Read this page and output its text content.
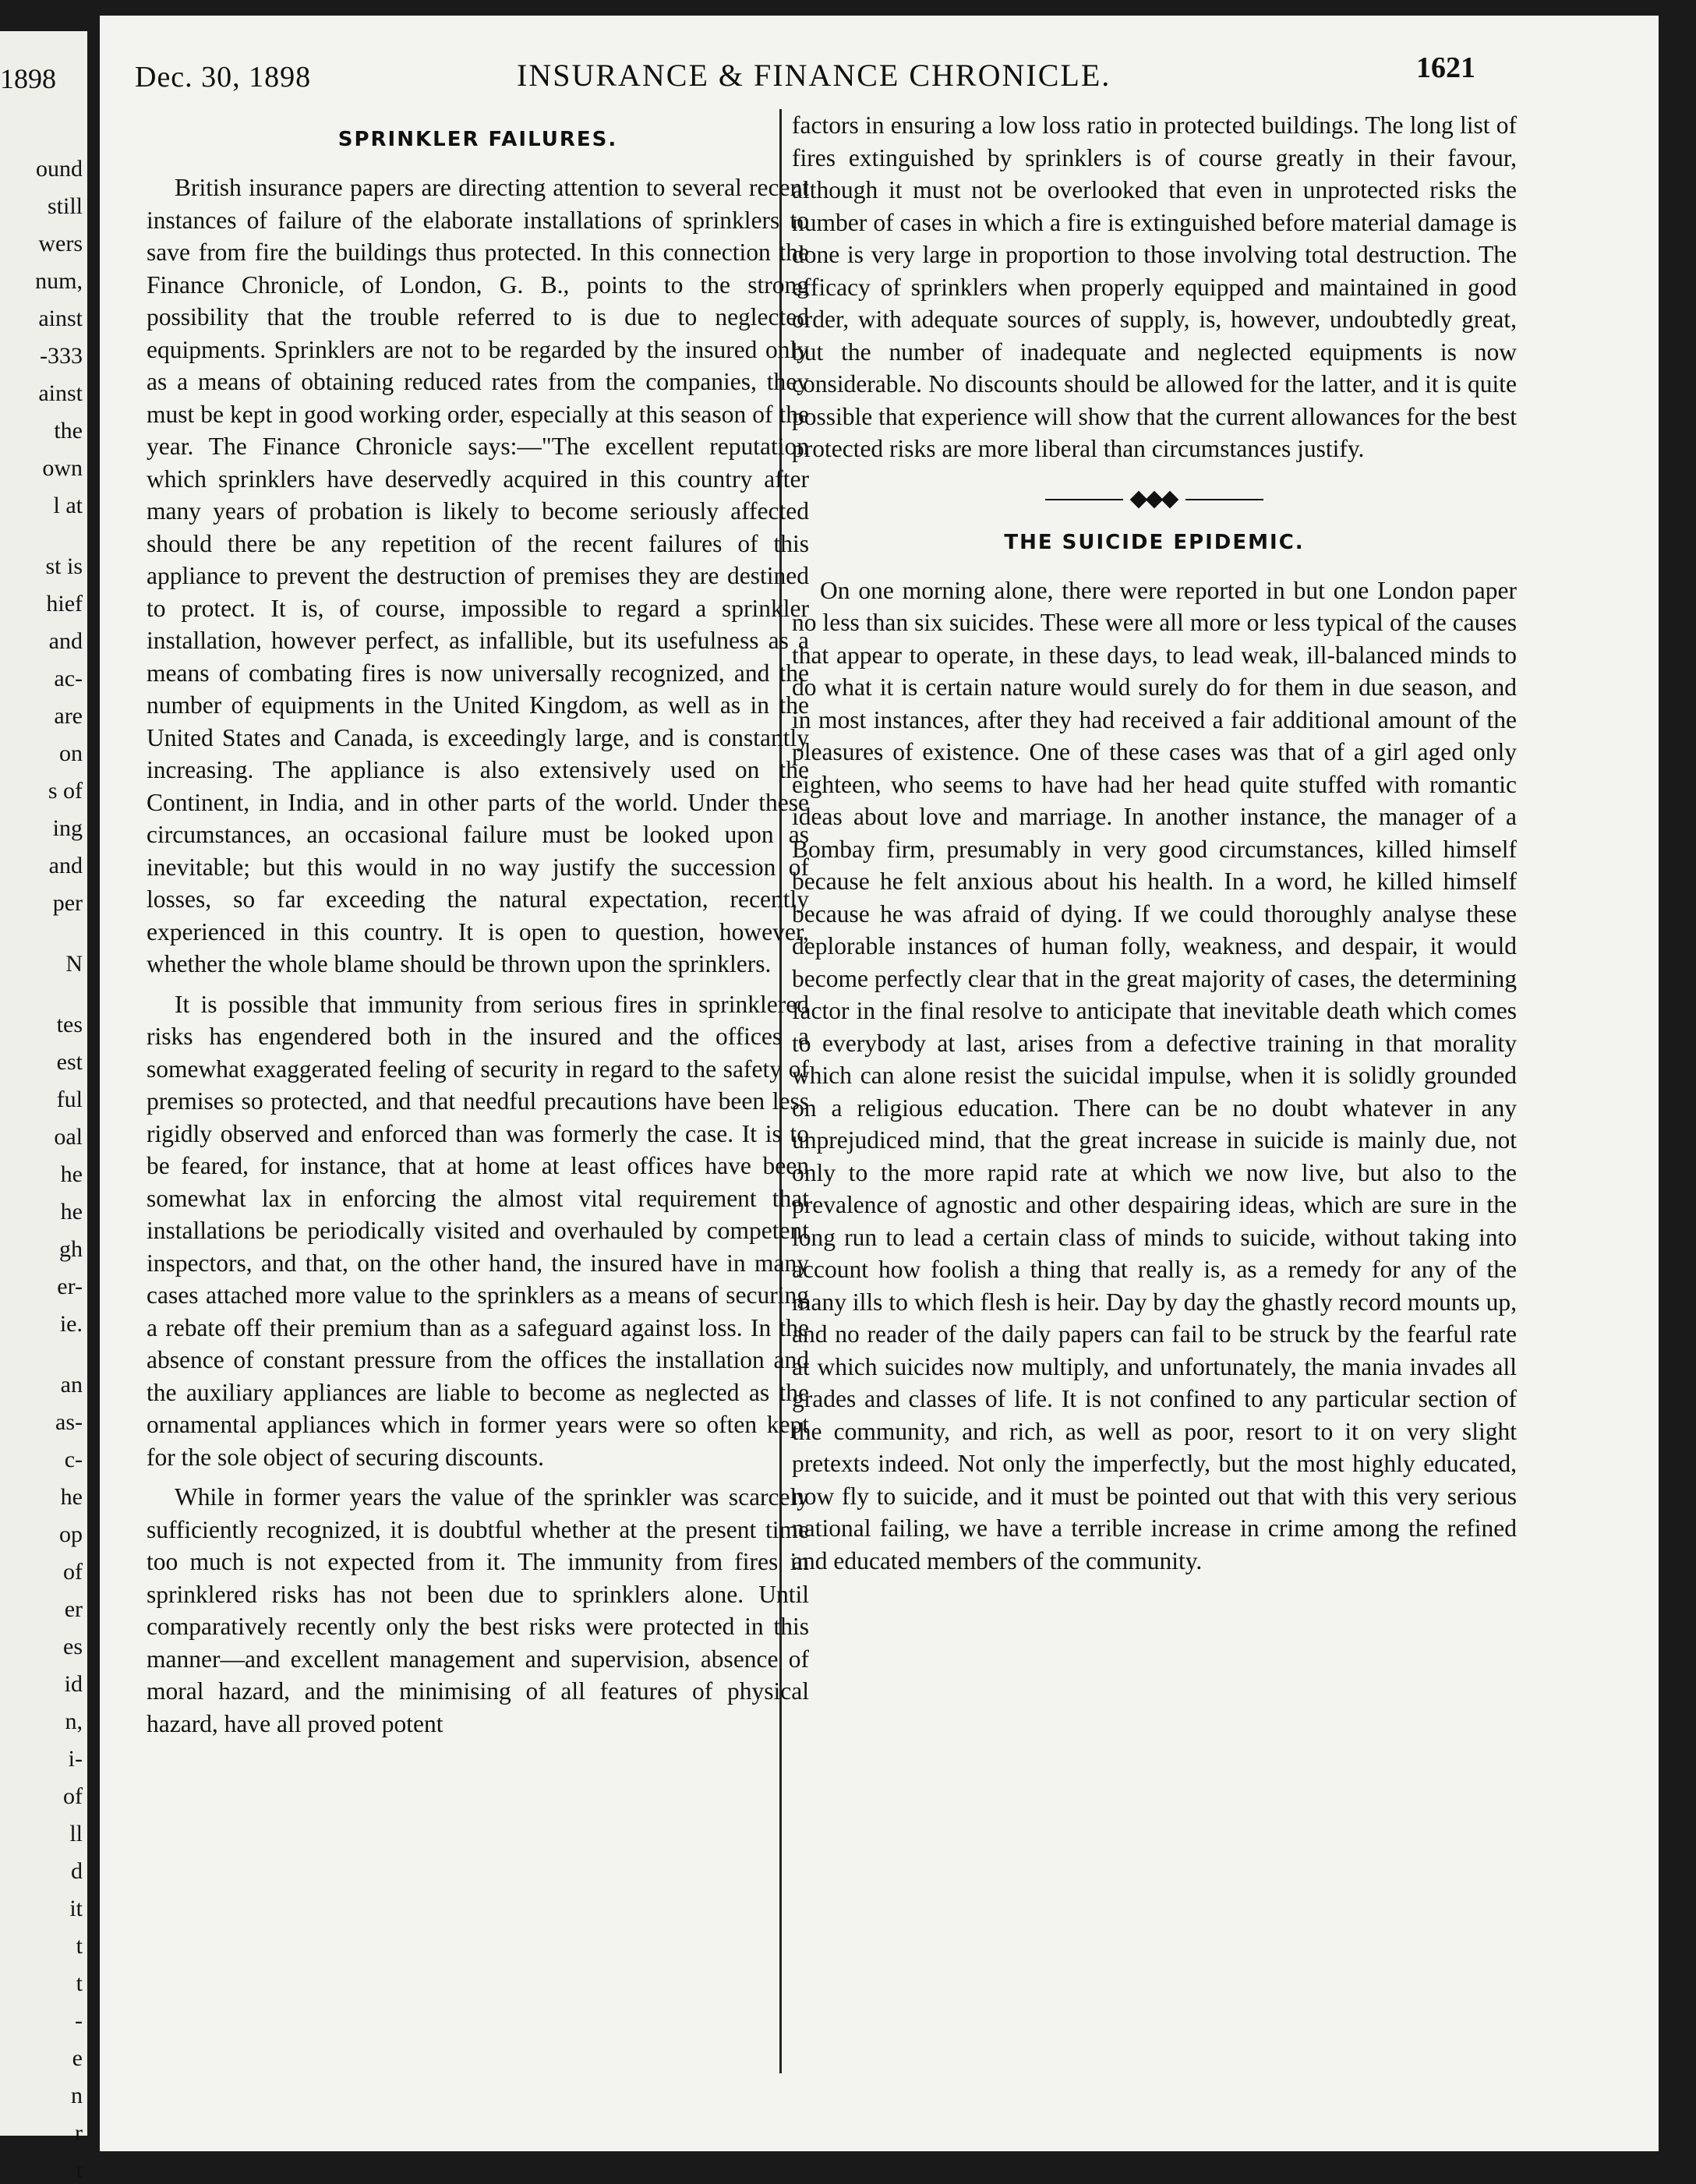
1898
ound
still
wers
num,
ainst
-333
ainst
the
own
l at
st is
hief
and
ac-
are
on
s of
ing
and
per
N
tes
est
ful
oal
he
he
gh
er-
ie.
an
as-
c-
he
op
of
er
es
id
n,
i-
of
ll
d
it
t
t
-
e
n
r
t
Dec. 30, 1898	INSURANCE & FINANCE CHRONICLE.	1621
SPRINKLER FAILURES.

British insurance papers are directing attention to several recent instances of failure of the elaborate installations of sprinklers to save from fire the buildings thus protected. In this connection the Finance Chronicle, of London, G. B., points to the strong possibility that the trouble referred to is due to neglected equipments. Sprinklers are not to be regarded by the insured only as a means of obtaining reduced rates from the companies, they must be kept in good working order, especially at this season of the year. The Finance Chronicle says:—"The excellent reputation which sprinklers have deservedly acquired in this country after many years of probation is likely to become seriously affected should there be any repetition of the recent failures of this appliance to prevent the destruction of premises they are destined to protect. It is, of course, impossible to regard a sprinkler installation, however perfect, as infallible, but its usefulness as a means of combating fires is now universally recognized, and the number of equipments in the United Kingdom, as well as in the United States and Canada, is exceedingly large, and is constantly increasing. The appliance is also extensively used on the Continent, in India, and in other parts of the world. Under these circumstances, an occasional failure must be looked upon as inevitable; but this would in no way justify the succession of losses, so far exceeding the natural expectation, recently experienced in this country. It is open to question, however, whether the whole blame should be thrown upon the sprinklers.

It is possible that immunity from serious fires in sprinklered risks has engendered both in the insured and the offices a somewhat exaggerated feeling of security in regard to the safety of premises so protected, and that needful precautions have been less rigidly observed and enforced than was formerly the case. It is to be feared, for instance, that at home at least offices have been somewhat lax in enforcing the almost vital requirement that installations be periodically visited and overhauled by competent inspectors, and that, on the other hand, the insured have in many cases attached more value to the sprinklers as a means of securing a rebate off their premium than as a safeguard against loss. In the absence of constant pressure from the offices the installation and the auxiliary appliances are liable to become as neglected as the ornamental appliances which in former years were so often kept for the sole object of securing discounts.

While in former years the value of the sprinkler was scarcely sufficiently recognized, it is doubtful whether at the present time too much is not expected from it. The immunity from fires in sprinklered risks has not been due to sprinklers alone. Until comparatively recently only the best risks were protected in this manner—and excellent management and supervision, absence of moral hazard, and the minimising of all features of physical hazard, have all proved potent

factors in ensuring a low loss ratio in protected buildings. The long list of fires extinguished by sprinklers is of course greatly in their favour, although it must not be overlooked that even in unprotected risks the number of cases in which a fire is extinguished before material damage is done is very large in proportion to those involving total destruction. The efficacy of sprinklers when properly equipped and maintained in good order, with adequate sources of supply, is, however, undoubtedly great, but the number of inadequate and neglected equipments is now considerable. No discounts should be allowed for the latter, and it is quite possible that experience will show that the current allowances for the best protected risks are more liberal than circumstances justify.

THE SUICIDE EPIDEMIC.

On one morning alone, there were reported in but one London paper no less than six suicides. These were all more or less typical of the causes that appear to operate, in these days, to lead weak, ill-balanced minds to do what it is certain nature would surely do for them in due season, and in most instances, after they had received a fair additional amount of the pleasures of existence. One of these cases was that of a girl aged only eighteen, who seems to have had her head quite stuffed with romantic ideas about love and marriage. In another instance, the manager of a Bombay firm, presumably in very good circumstances, killed himself because he felt anxious about his health. In a word, he killed himself because he was afraid of dying. If we could thoroughly analyse these deplorable instances of human folly, weakness, and despair, it would become perfectly clear that in the great majority of cases, the determining factor in the final resolve to anticipate that inevitable death which comes to everybody at last, arises from a defective training in that morality which can alone resist the suicidal impulse, when it is solidly grounded on a religious education. There can be no doubt whatever in any unprejudiced mind, that the great increase in suicide is mainly due, not only to the more rapid rate at which we now live, but also to the prevalence of agnostic and other despairing ideas, which are sure in the long run to lead a certain class of minds to suicide, without taking into account how foolish a thing that really is, as a remedy for any of the many ills to which flesh is heir. Day by day the ghastly record mounts up, and no reader of the daily papers can fail to be struck by the fearful rate at which suicides now multiply, and unfortunately, the mania invades all grades and classes of life. It is not confined to any particular section of the community, and rich, as well as poor, resort to it on very slight pretexts indeed. Not only the imperfectly, but the most highly educated, now fly to suicide, and it must be pointed out that with this very serious national failing, we have a terrible increase in crime among the refined and educated members of the community.
